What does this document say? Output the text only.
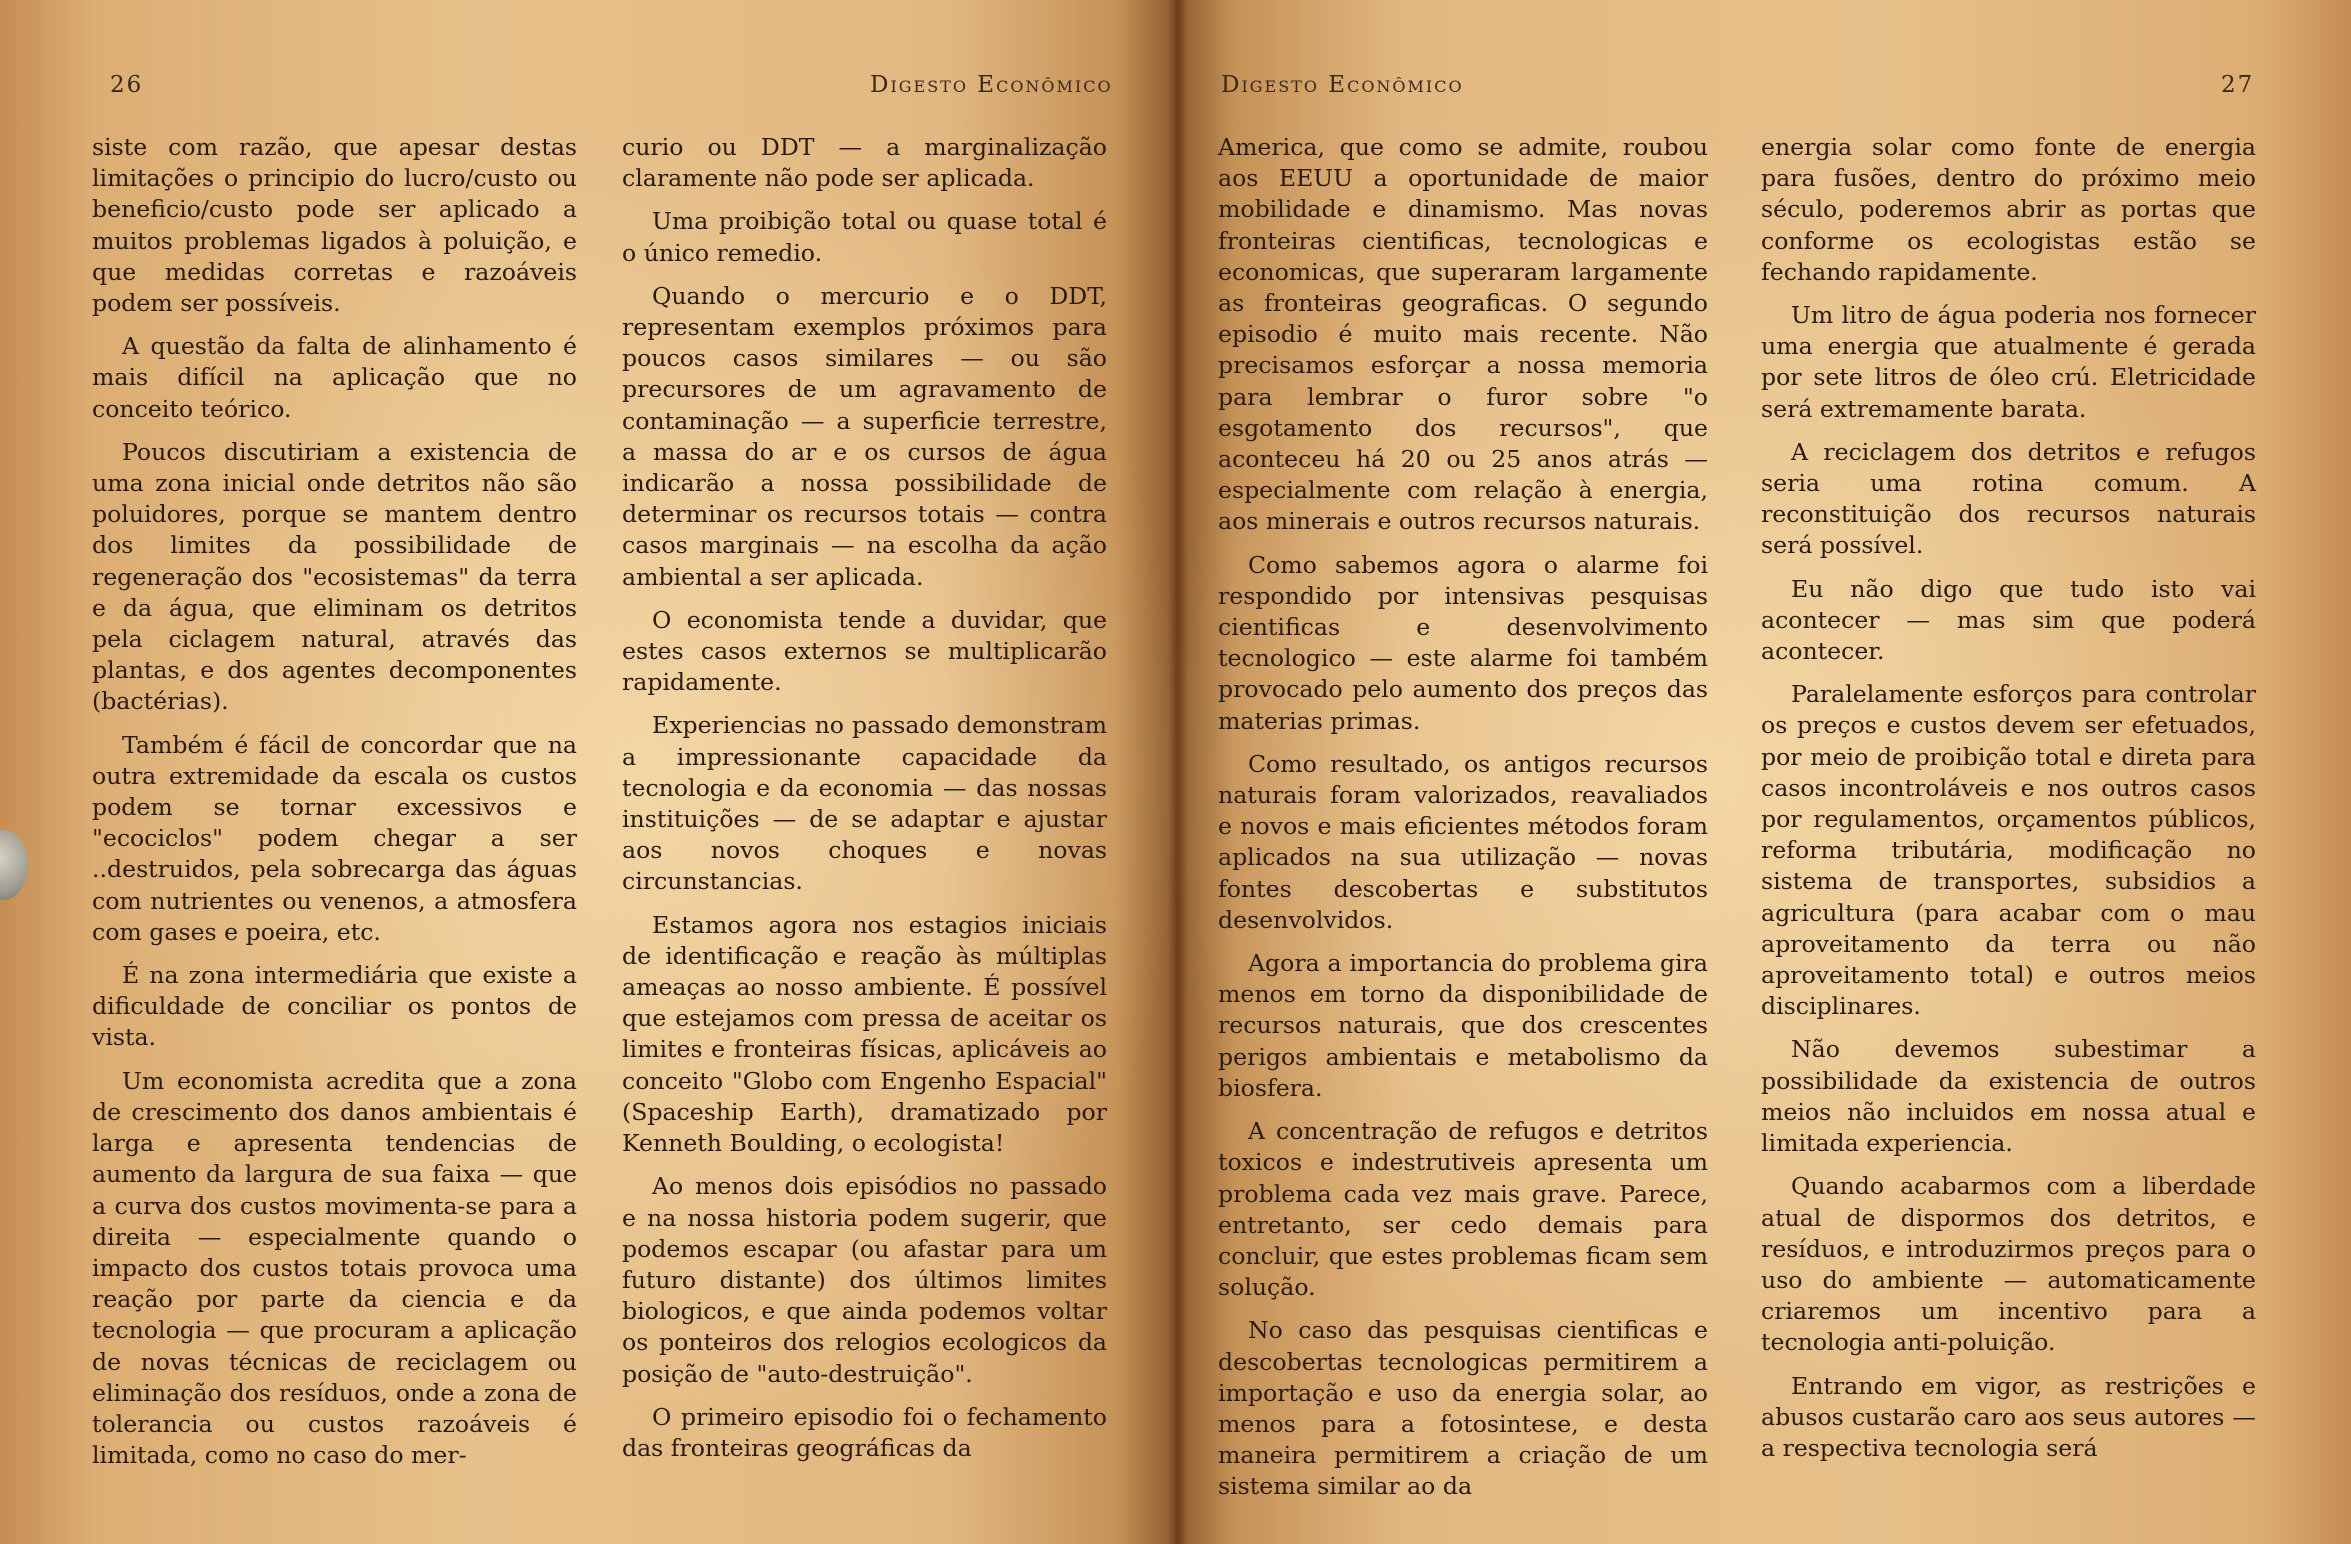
26	Digesto Econômico

siste com razão, que apesar destas limitações o principio do lucro/custo ou beneficio/custo pode ser aplicado a muitos problemas ligados à poluição, e que medidas corretas e razoáveis podem ser possíveis.

A questão da falta de alinhamento é mais difícil na aplicação que no conceito teórico.

Poucos discutiriam a existencia de uma zona inicial onde detritos não são poluidores, porque se mantem dentro dos limites da possibilidade de regeneração dos "ecosistemas" da terra e da água, que eliminam os detritos pela ciclagem natural, através das plantas, e dos agentes decomponentes (bactérias).

Também é fácil de concordar que na outra extremidade da escala os custos podem se tornar excessivos e "ecociclos" podem chegar a ser ..destruidos, pela sobrecarga das águas com nutrientes ou venenos, a atmosfera com gases e poeira, etc.

É na zona intermediária que existe a dificuldade de conciliar os pontos de vista.

Um economista acredita que a zona de crescimento dos danos ambientais é larga e apresenta tendencias de aumento da largura de sua faixa — que a curva dos custos movimenta-se para a direita — especialmente quando o impacto dos custos totais provoca uma reação por parte da ciencia e da tecnologia — que procuram a aplicação de novas técnicas de reciclagem ou eliminação dos resíduos, onde a zona de tolerancia ou custos razoáveis é limitada, como no caso do mer-

curio ou DDT — a marginalização claramente não pode ser aplicada.

Uma proibição total ou quase total é o único remedio.

Quando o mercurio e o DDT, representam exemplos próximos para poucos casos similares — ou são precursores de um agravamento de contaminação — a superficie terrestre, a massa do ar e os cursos de água indicarão a nossa possibilidade de determinar os recursos totais — contra casos marginais — na escolha da ação ambiental a ser aplicada.

O economista tende a duvidar, que estes casos externos se multiplicarão rapidamente.

Experiencias no passado demonstram a impressionante capacidade da tecnologia e da economia — das nossas instituições — de se adaptar e ajustar aos novos choques e novas circunstancias.

Estamos agora nos estagios iniciais de identificação e reação às múltiplas ameaças ao nosso ambiente. É possível que estejamos com pressa de aceitar os limites e fronteiras físicas, aplicáveis ao conceito "Globo com Engenho Espacial" (Spaceship Earth), dramatizado por Kenneth Boulding, o ecologista!

Ao menos dois episódios no passado e na nossa historia podem sugerir, que podemos escapar (ou afastar para um futuro distante) dos últimos limites biologicos, e que ainda podemos voltar os ponteiros dos relogios ecologicos da posição de "auto-destruição".

O primeiro episodio foi o fechamento das fronteiras geográficas da

Digesto Econômico	27

America, que como se admite, roubou aos EEUU a oportunidade de maior mobilidade e dinamismo. Mas novas fronteiras cientificas, tecnologicas e economicas, que superaram largamente as fronteiras geograficas. O segundo episodio é muito mais recente. Não precisamos esforçar a nossa memoria para lembrar o furor sobre "o esgotamento dos recursos", que aconteceu há 20 ou 25 anos atrás — especialmente com relação à energia, aos minerais e outros recursos naturais.

Como sabemos agora o alarme foi respondido por intensivas pesquisas cientificas e desenvolvimento tecnologico — este alarme foi também provocado pelo aumento dos preços das materias primas.

Como resultado, os antigos recursos naturais foram valorizados, reavaliados e novos e mais eficientes métodos foram aplicados na sua utilização — novas fontes descobertas e substitutos desenvolvidos.

Agora a importancia do problema gira menos em torno da disponibilidade de recursos naturais, que dos crescentes perigos ambientais e metabolismo da biosfera.

A concentração de refugos e detritos toxicos e indestrutiveis apresenta um problema cada vez mais grave. Parece, entretanto, ser cedo demais para concluir, que estes problemas ficam sem solução.

No caso das pesquisas cientificas e descobertas tecnologicas permitirem a importação e uso da energia solar, ao menos para a fotosintese, e desta maneira permitirem a criação de um sistema similar ao da

energia solar como fonte de energia para fusões, dentro do próximo meio século, poderemos abrir as portas que conforme os ecologistas estão se fechando rapidamente.

Um litro de água poderia nos fornecer uma energia que atualmente é gerada por sete litros de óleo crú. Eletricidade será extremamente barata.

A reciclagem dos detritos e refugos seria uma rotina comum. A reconstituição dos recursos naturais será possível.

Eu não digo que tudo isto vai acontecer — mas sim que poderá acontecer.

Paralelamente esforços para controlar os preços e custos devem ser efetuados, por meio de proibição total e direta para casos incontroláveis e nos outros casos por regulamentos, orçamentos públicos, reforma tributária, modificação no sistema de transportes, subsidios a agricultura (para acabar com o mau aproveitamento da terra ou não aproveitamento total) e outros meios disciplinares.

Não devemos subestimar a possibilidade da existencia de outros meios não incluidos em nossa atual e limitada experiencia.

Quando acabarmos com a liberdade atual de dispormos dos detritos, e resíduos, e introduzirmos preços para o uso do ambiente — automaticamente criaremos um incentivo para a tecnologia anti-poluição.

Entrando em vigor, as restrições e abusos custarão caro aos seus autores — a respectiva tecnologia será
